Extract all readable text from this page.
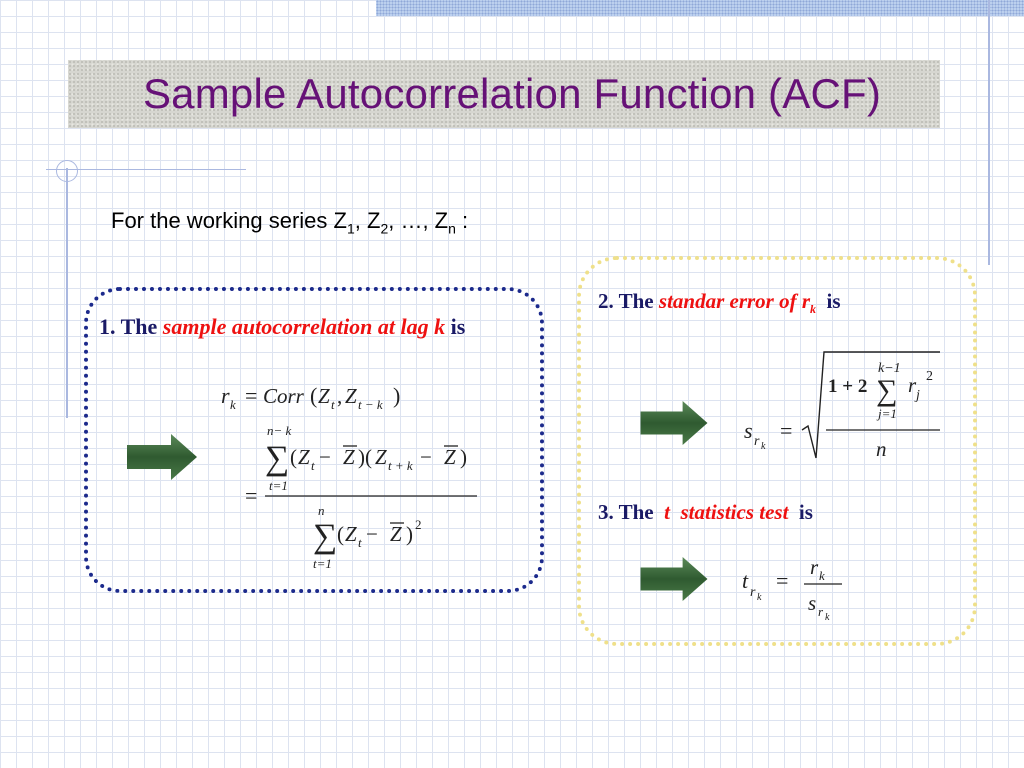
Sample Autocorrelation Function (ACF)
For the working series $Z_1$, $Z_2$, …, $Z_n$ :
1. The sample autocorrelation at lag k is
r k = Corr ( Z t , Z t − k )
n− k
∑
t=1
( Z t − Z )( Z t + k − Z )
=
n
∑
t=1
( Z t − Z ) 2
2. The standar error of $r_k$ is
s r k
=
k−1
1 + 2 ∑
j=1
r j
2
n
3. The t  statistics test is
t r k
=
r k
s r k
